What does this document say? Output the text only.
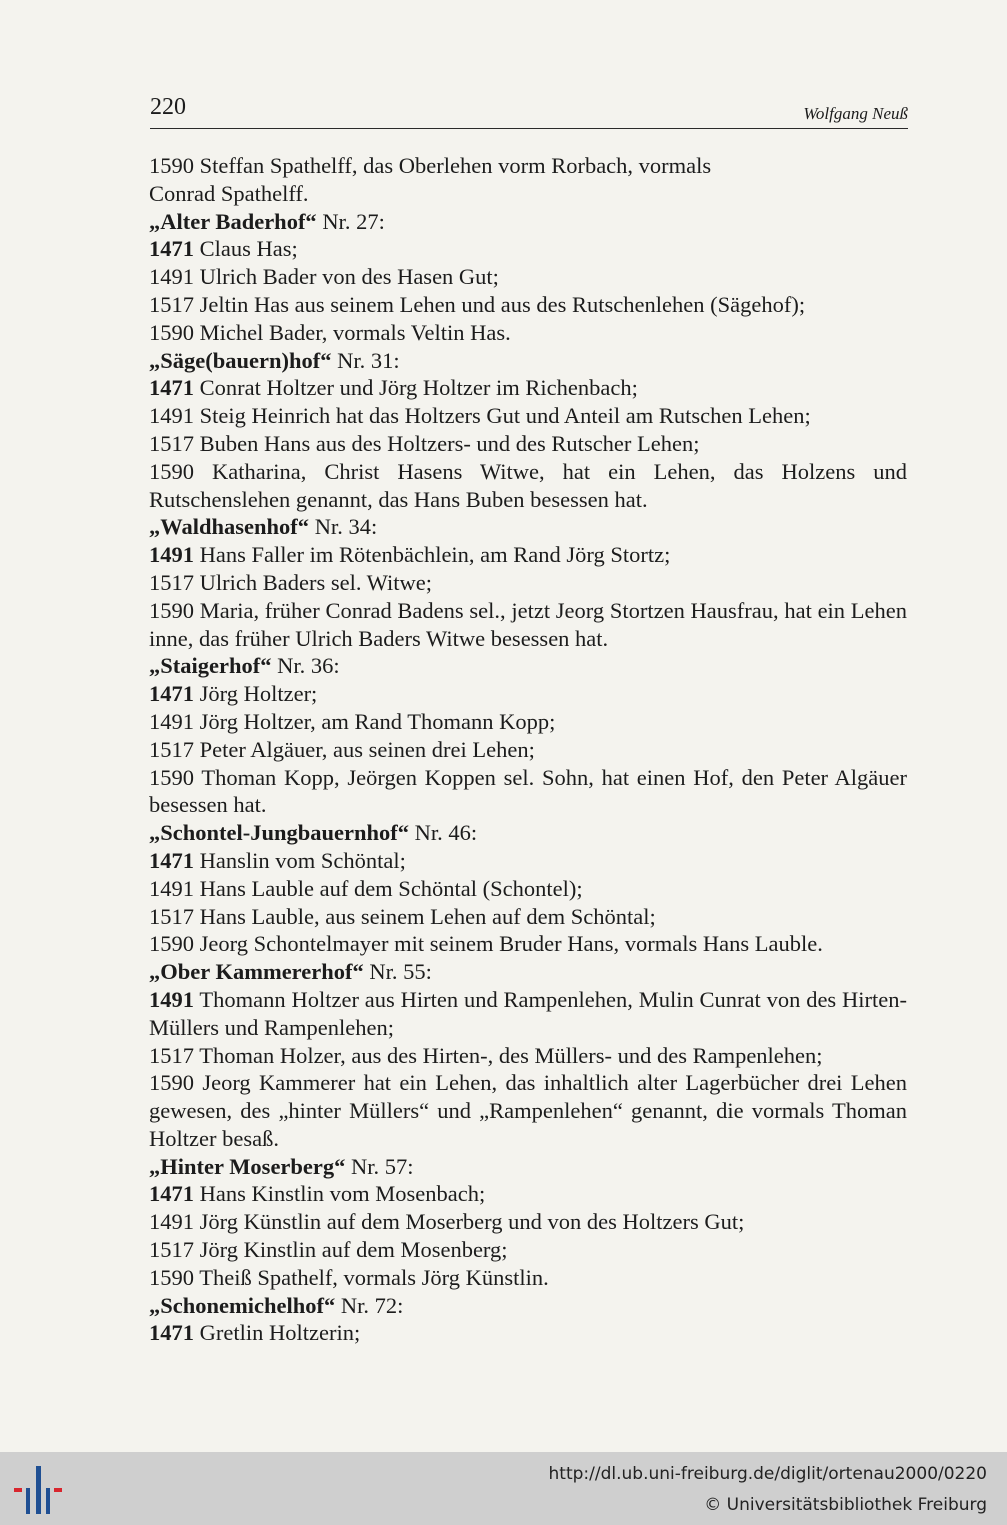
220	Wolfgang Neuß
1590 Steffan Spathelff, das Oberlehen vorm Rorbach, vormals
Conrad Spathelff.
„Alter Baderhof“ Nr. 27:
1471 Claus Has;
1491 Ulrich Bader von des Hasen Gut;
1517 Jeltin Has aus seinem Lehen und aus des Rutschenlehen (Sägehof);
1590 Michel Bader, vormals Veltin Has.
„Säge(bauern)hof“ Nr. 31:
1471 Conrat Holtzer und Jörg Holtzer im Richenbach;
1491 Steig Heinrich hat das Holtzers Gut und Anteil am Rutschen Lehen;
1517 Buben Hans aus des Holtzers- und des Rutscher Lehen;
1590 Katharina, Christ Hasens Witwe, hat ein Lehen, das Holzens und Rutschenslehen genannt, das Hans Buben besessen hat.
„Waldhasenhof“ Nr. 34:
1491 Hans Faller im Rötenbächlein, am Rand Jörg Stortz;
1517 Ulrich Baders sel. Witwe;
1590 Maria, früher Conrad Badens sel., jetzt Jeorg Stortzen Hausfrau, hat ein Lehen inne, das früher Ulrich Baders Witwe besessen hat.
„Staigerhof“ Nr. 36:
1471 Jörg Holtzer;
1491 Jörg Holtzer, am Rand Thomann Kopp;
1517 Peter Algäuer, aus seinen drei Lehen;
1590 Thoman Kopp, Jeörgen Koppen sel. Sohn, hat einen Hof, den Peter Algäuer besessen hat.
„Schontel-Jungbauernhof“ Nr. 46:
1471 Hanslin vom Schöntal;
1491 Hans Lauble auf dem Schöntal (Schontel);
1517 Hans Lauble, aus seinem Lehen auf dem Schöntal;
1590 Jeorg Schontelmayer mit seinem Bruder Hans, vormals Hans Lauble.
„Ober Kammererhof“ Nr. 55:
1491 Thomann Holtzer aus Hirten und Rampenlehen, Mulin Cunrat von des Hirten-Müllers und Rampenlehen;
1517 Thoman Holzer, aus des Hirten-, des Müllers- und des Rampenlehen;
1590 Jeorg Kammerer hat ein Lehen, das inhaltlich alter Lagerbücher drei Lehen gewesen, des „hinter Müllers“ und „Rampenlehen“ genannt, die vormals Thoman Holtzer besaß.
„Hinter Moserberg“ Nr. 57:
1471 Hans Kinstlin vom Mosenbach;
1491 Jörg Künstlin auf dem Moserberg und von des Holtzers Gut;
1517 Jörg Kinstlin auf dem Mosenberg;
1590 Theiß Spathelf, vormals Jörg Künstlin.
„Schonemichelhof“ Nr. 72:
1471 Gretlin Holtzerin;
http://dl.ub.uni-freiburg.de/diglit/ortenau2000/0220
© Universitätsbibliothek Freiburg
